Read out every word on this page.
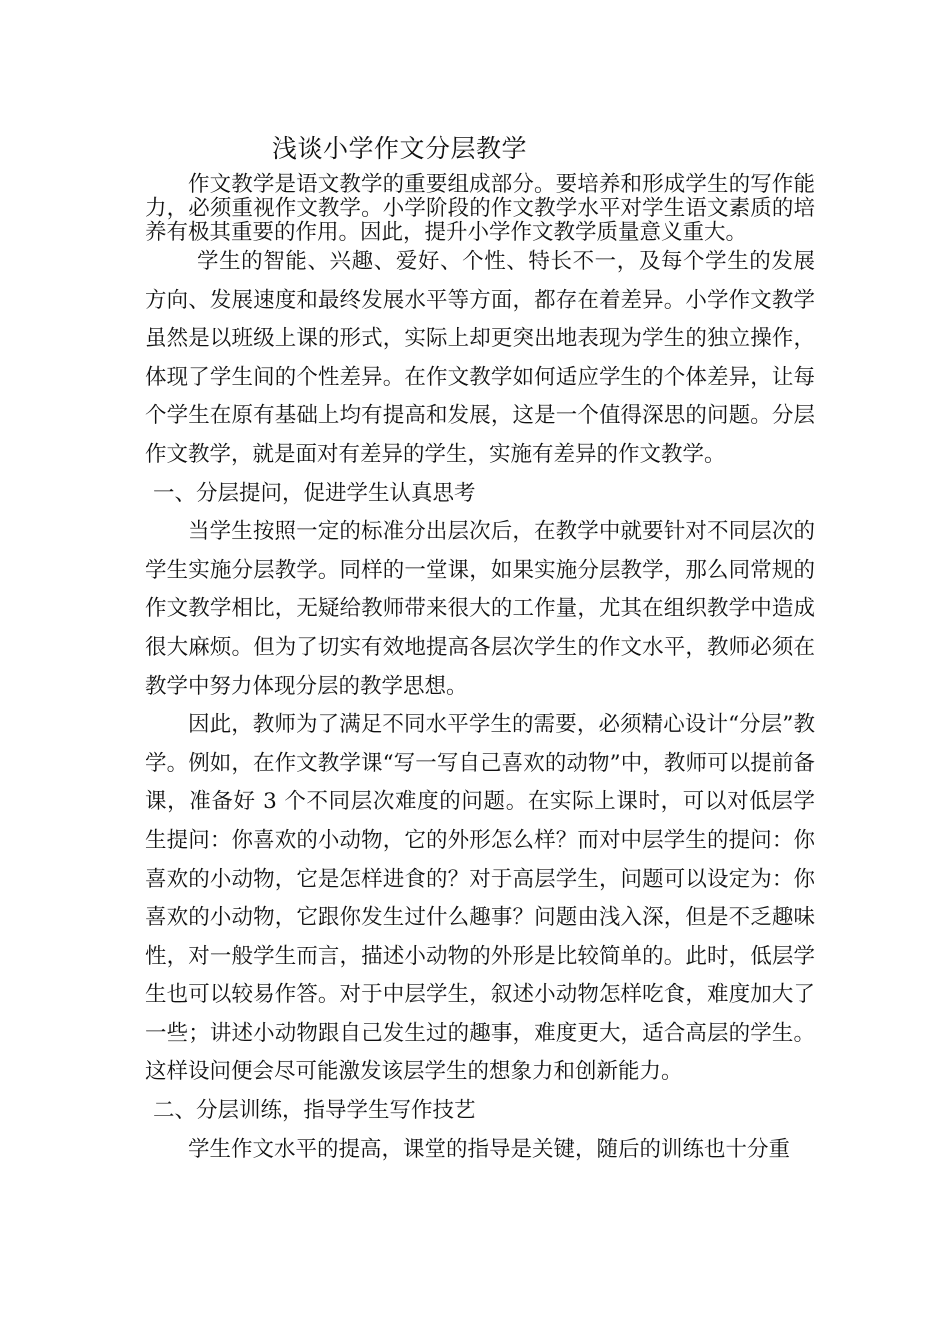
浅谈小学作文分层教学

作文教学是语文教学的重要组成部分。要培养和形成学生的写作能力，必须重视作文教学。小学阶段的作文教学水平对学生语文素质的培养有极其重要的作用。因此，提升小学作文教学质量意义重大。

学生的智能、兴趣、爱好、个性、特长不一，及每个学生的发展方向、发展速度和最终发展水平等方面，都存在着差异。小学作文教学虽然是以班级上课的形式，实际上却更突出地表现为学生的独立操作，体现了学生间的个性差异。在作文教学如何适应学生的个体差异，让每个学生在原有基础上均有提高和发展，这是一个值得深思的问题。分层作文教学，就是面对有差异的学生，实施有差异的作文教学。

一、分层提问，促进学生认真思考

当学生按照一定的标准分出层次后，在教学中就要针对不同层次的学生实施分层教学。同样的一堂课，如果实施分层教学，那么同常规的作文教学相比，无疑给教师带来很大的工作量，尤其在组织教学中造成很大麻烦。但为了切实有效地提高各层次学生的作文水平，教师必须在教学中努力体现分层的教学思想。

因此，教师为了满足不同水平学生的需要，必须精心设计“分层”教学。例如，在作文教学课“写一写自己喜欢的动物”中，教师可以提前备课，准备好 3 个不同层次难度的问题。在实际上课时，可以对低层学生提问：你喜欢的小动物，它的外形怎么样？而对中层学生的提问：你喜欢的小动物，它是怎样进食的？对于高层学生，问题可以设定为：你喜欢的小动物，它跟你发生过什么趣事？问题由浅入深，但是不乏趣味性，对一般学生而言，描述小动物的外形是比较简单的。此时，低层学生也可以较易作答。对于中层学生，叙述小动物怎样吃食，难度加大了一些；讲述小动物跟自己发生过的趣事，难度更大，适合高层的学生。这样设问便会尽可能激发该层学生的想象力和创新能力。

二、分层训练，指导学生写作技艺

学生作文水平的提高，课堂的指导是关键，随后的训练也十分重
